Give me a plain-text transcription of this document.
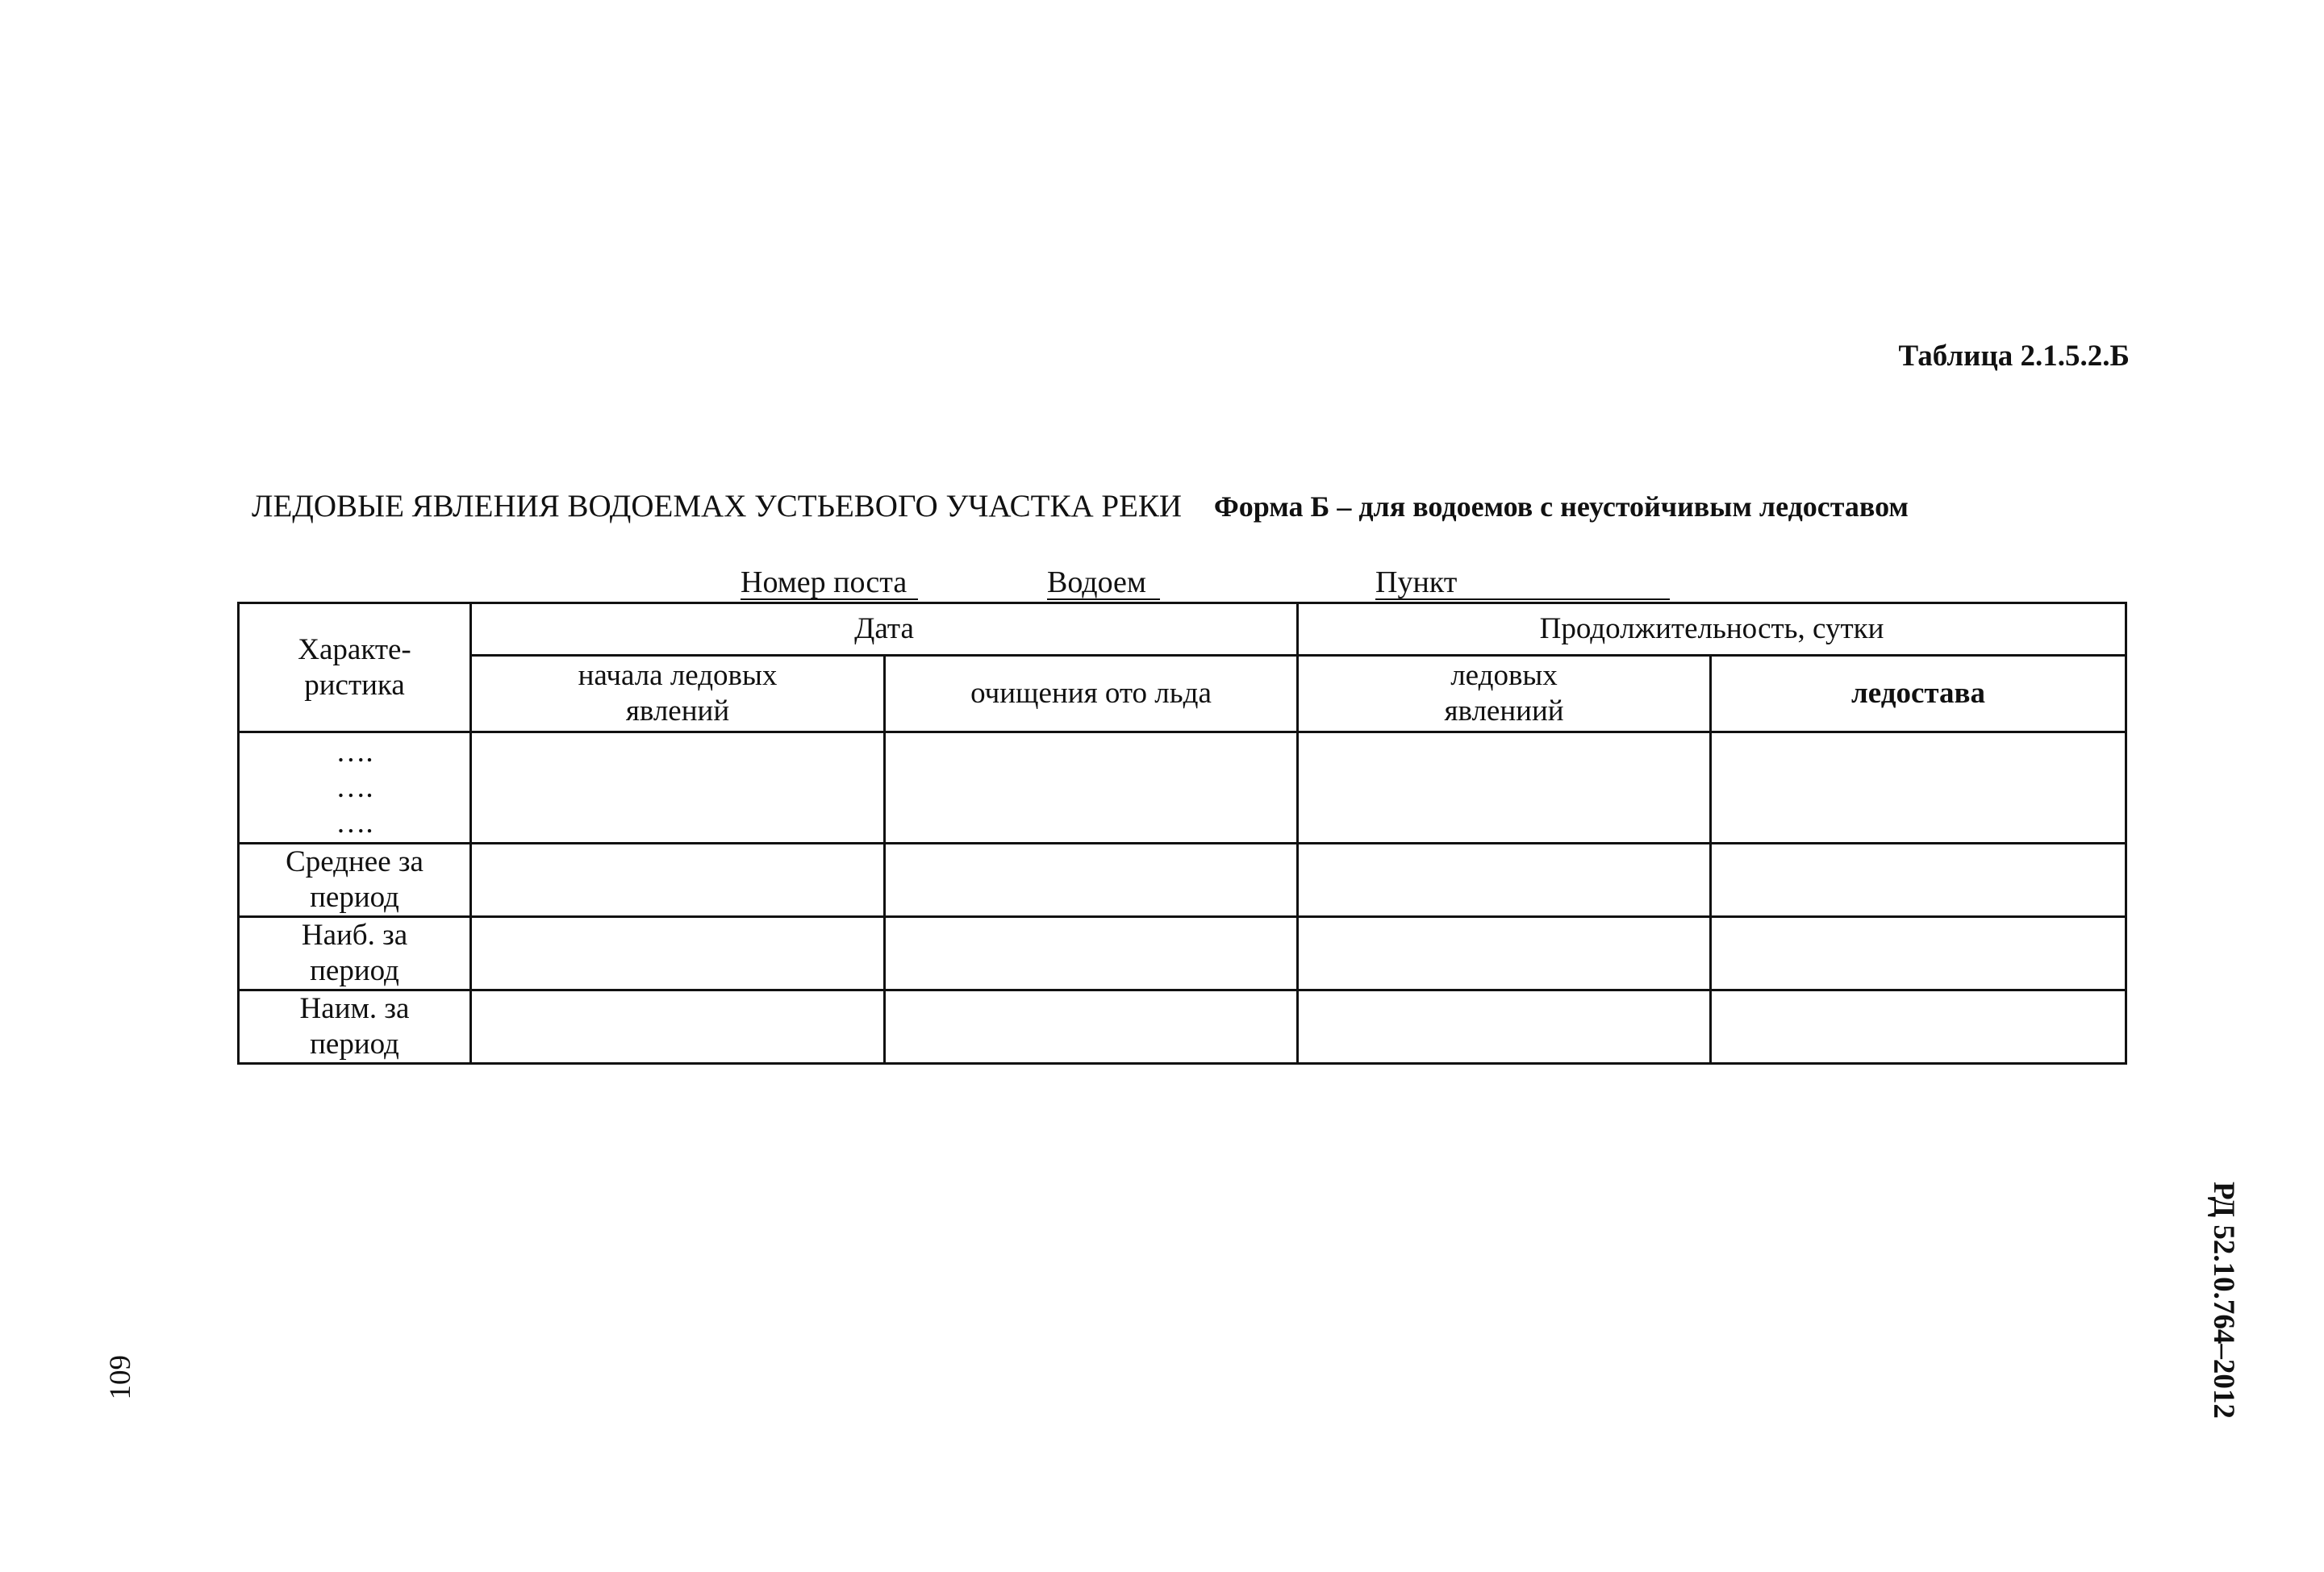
Таблица 2.1.5.2.Б
ЛЕДОВЫЕ ЯВЛЕНИЯ ВОДОЕМАХ УСТЬЕВОГО УЧАСТКА РЕКИ Форма Б – для водоемов с неустойчивым ледоставом
Номер поста	Водоем	Пункт
Характе-ристика	Дата		Продолжительность, сутки	
	начала ледовых явлений	очищения ото льда	ледовых явлениий	ледостава

….
….
….				

Среднее за период				
Наиб. за период				
Наим. за период				
РД 52.10.764–2012
109
